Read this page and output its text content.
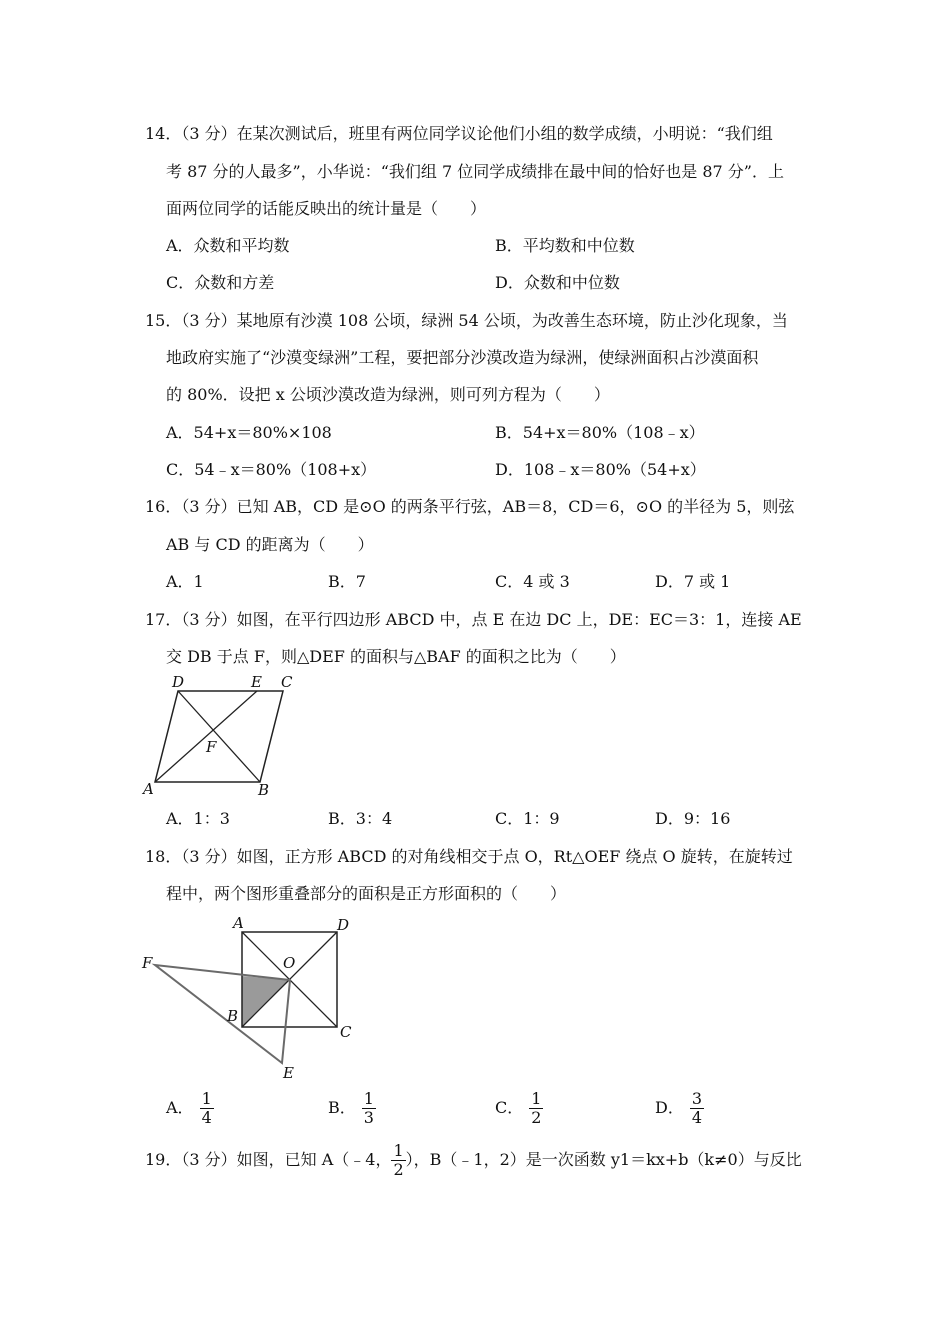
14．（3 分）在某次测试后，班里有两位同学议论他们小组的数学成绩，小明说：“我们组
考 87 分的人最多”，小华说：“我们组 7 位同学成绩排在最中间的恰好也是 87 分”．上
面两位同学的话能反映出的统计量是（　　）
A．众数和平均数	B．平均数和中位数
C．众数和方差	D．众数和中位数
15．（3 分）某地原有沙漠 108 公顷，绿洲 54 公顷，为改善生态环境，防止沙化现象，当
地政府实施了“沙漠变绿洲”工程，要把部分沙漠改造为绿洲，使绿洲面积占沙漠面积
的 80%．设把 x 公顷沙漠改造为绿洲，则可列方程为（　　）
A．54+x＝80%×108	B．54+x＝80%（108﹣x）
C．54﹣x＝80%（108+x）	D．108﹣x＝80%（54+x）
16．（3 分）已知 AB，CD 是⊙O 的两条平行弦，AB＝8，CD＝6，⊙O 的半径为 5，则弦
AB 与 CD 的距离为（　　）
A．1	B．7	C．4 或 3	D．7 或 1
17．（3 分）如图，在平行四边形 ABCD 中，点 E 在边 DC 上，DE：EC＝3：1，连接 AE
交 DB 于点 F，则△DEF 的面积与△BAF 的面积之比为（　　）
D	E C
F
A	B
A．1：3	B．3：4	C．1：9	D．9：16
18．（3 分）如图，正方形 ABCD 的对角线相交于点 O，Rt△OEF 绕点 O 旋转，在旋转过
程中，两个图形重叠部分的面积是正方形面积的（　　）
A	D
O
F
B
C
E
A． $\frac{1}{4}$	B． $\frac{1}{3}$	C． $\frac{1}{2}$	D． $\frac{3}{4}$
19．（3 分）如图，已知 A（﹣4， $\frac{1}{2}$ ），B（﹣1，2）是一次函数 y1＝kx+b（k≠0）与反比
